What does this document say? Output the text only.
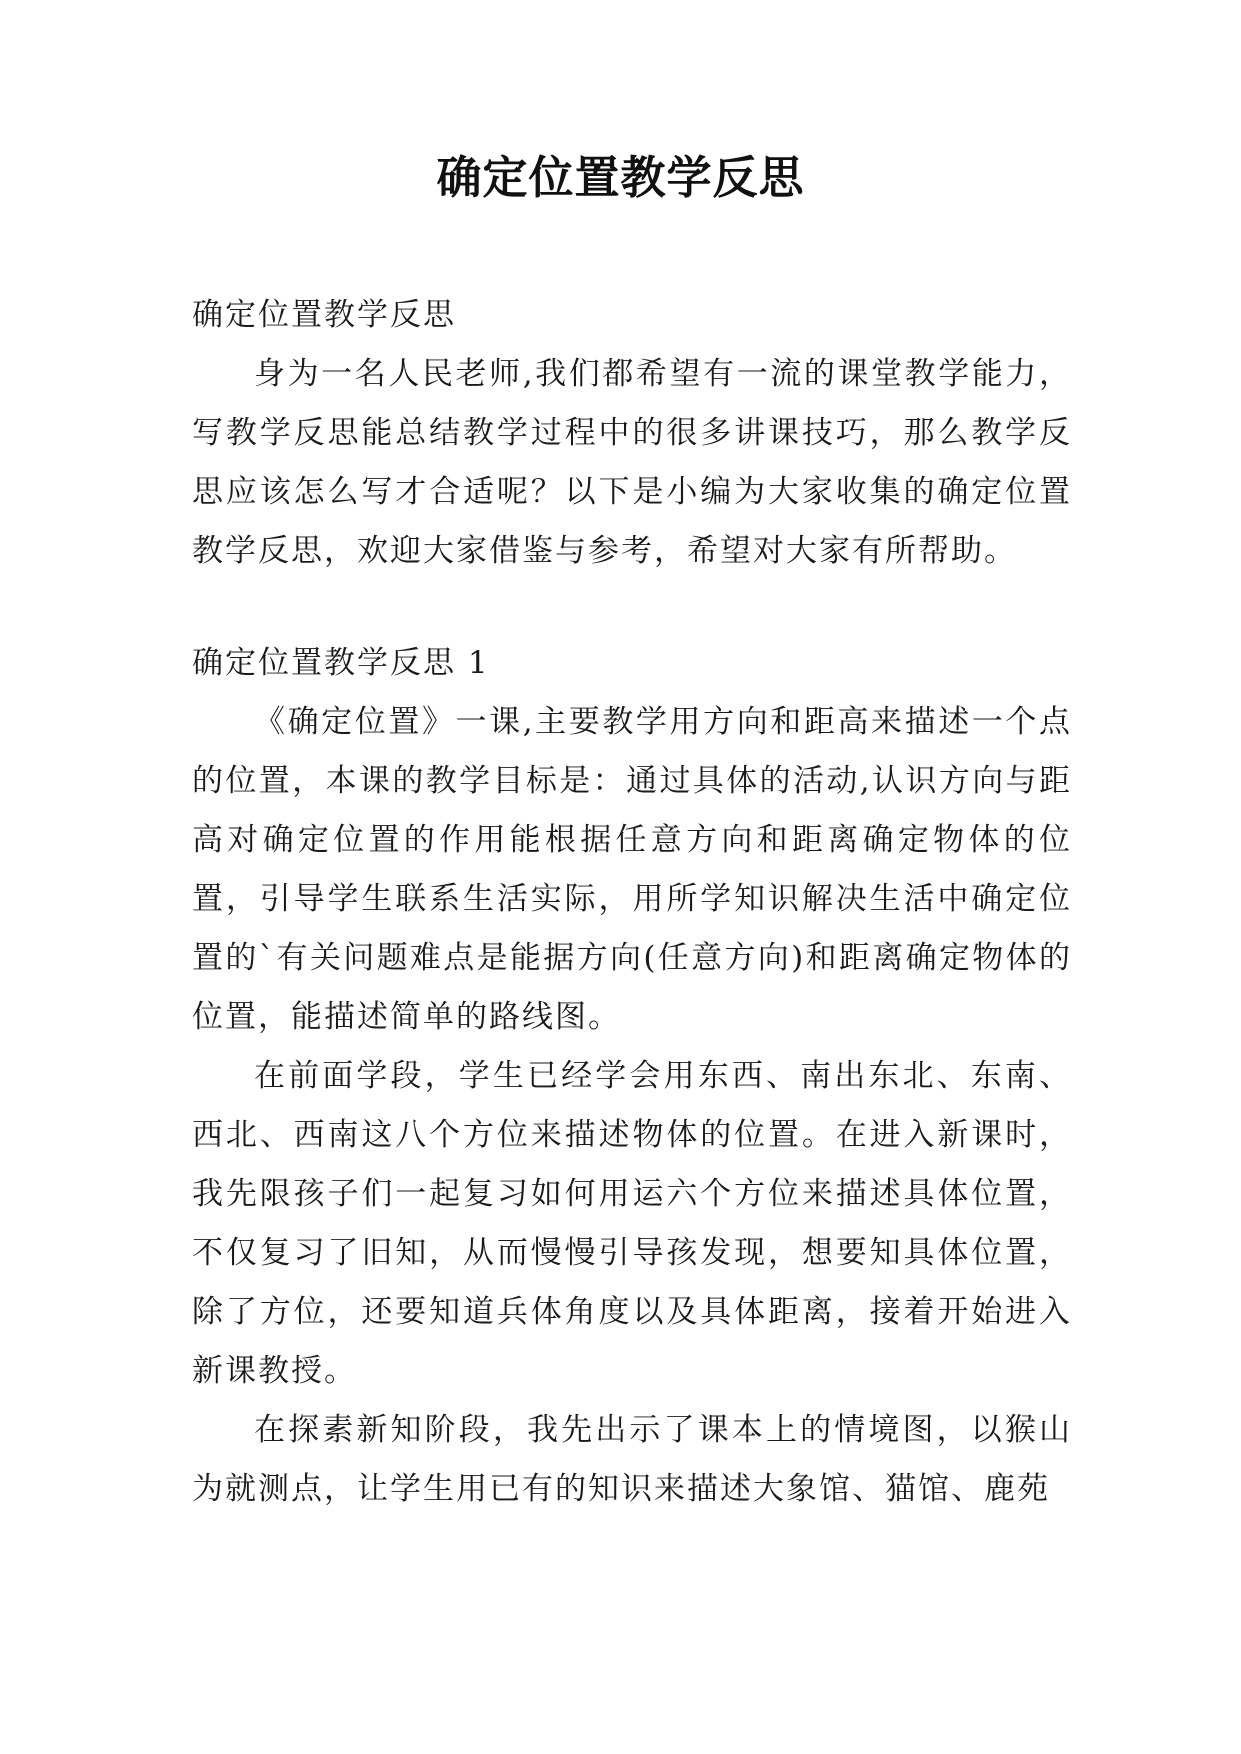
确定位置教学反思

确定位置教学反思

身为一名人民老师,我们都希望有一流的课堂教学能力，写教学反思能总结教学过程中的很多讲课技巧，那么教学反思应该怎么写才合适呢？以下是小编为大家收集的确定位置教学反思，欢迎大家借鉴与参考，希望对大家有所帮助。

确定位置教学反思 1

《确定位置》一课,主要教学用方向和距高来描述一个点的位置，本课的教学目标是：通过具体的活动,认识方向与距高对确定位置的作用能根据任意方向和距离确定物体的位置，引导学生联系生活实际，用所学知识解决生活中确定位置的`有关问题难点是能据方向(任意方向)和距离确定物体的位置，能描述简单的路线图。

在前面学段，学生已经学会用东西、南出东北、东南、西北、西南这八个方位来描述物体的位置。在进入新课时，我先限孩子们一起复习如何用运六个方位来描述具体位置，不仅复习了旧知，从而慢慢引导孩发现，想要知具体位置，除了方位，还要知道兵体角度以及具体距离，接着开始进入新课教授。

在探素新知阶段，我先出示了课本上的情境图，以猴山为就测点，让学生用已有的知识来描述大象馆、猫馆、鹿苑
